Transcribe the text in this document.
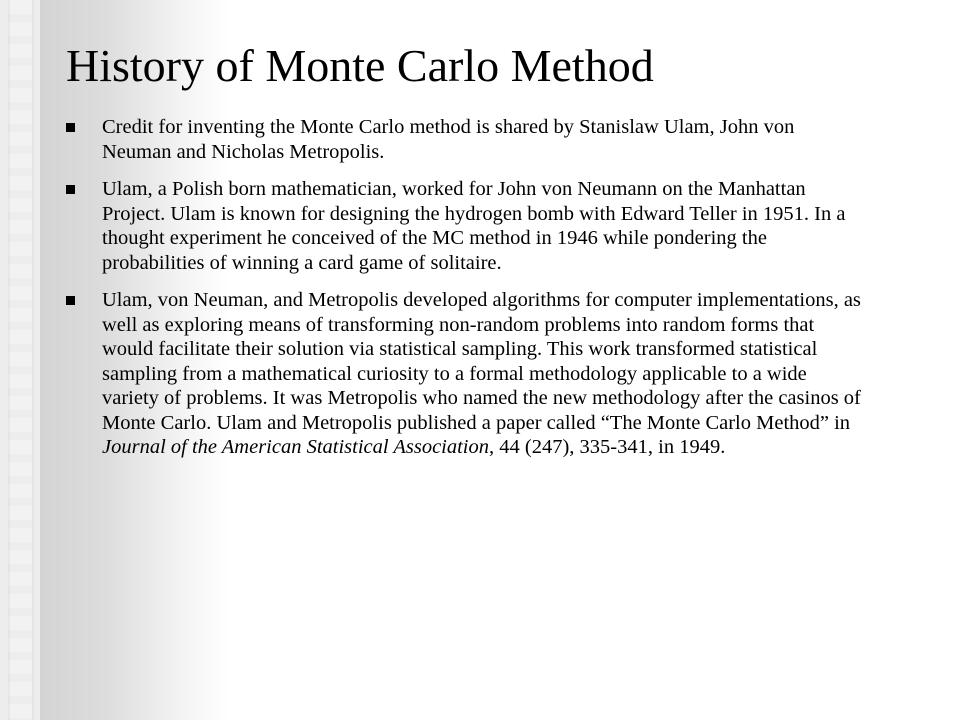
History of Monte Carlo Method
Credit for inventing the Monte Carlo method is shared by Stanislaw Ulam, John von Neuman and Nicholas Metropolis.
Ulam, a Polish born mathematician, worked for John von Neumann on the Manhattan Project. Ulam is known for designing the hydrogen bomb with Edward Teller in 1951. In a thought experiment he conceived of the MC method in 1946 while pondering the probabilities of winning a card game of solitaire.
Ulam, von Neuman, and Metropolis developed algorithms for computer implementations, as well as exploring means of transforming non-random problems into random forms that would facilitate their solution via statistical sampling. This work transformed statistical sampling from a mathematical curiosity to a formal methodology applicable to a wide variety of problems. It was Metropolis who named the new methodology after the casinos of Monte Carlo. Ulam and Metropolis published a paper called “The Monte Carlo Method” in Journal of the American Statistical Association, 44 (247), 335-341, in 1949.
